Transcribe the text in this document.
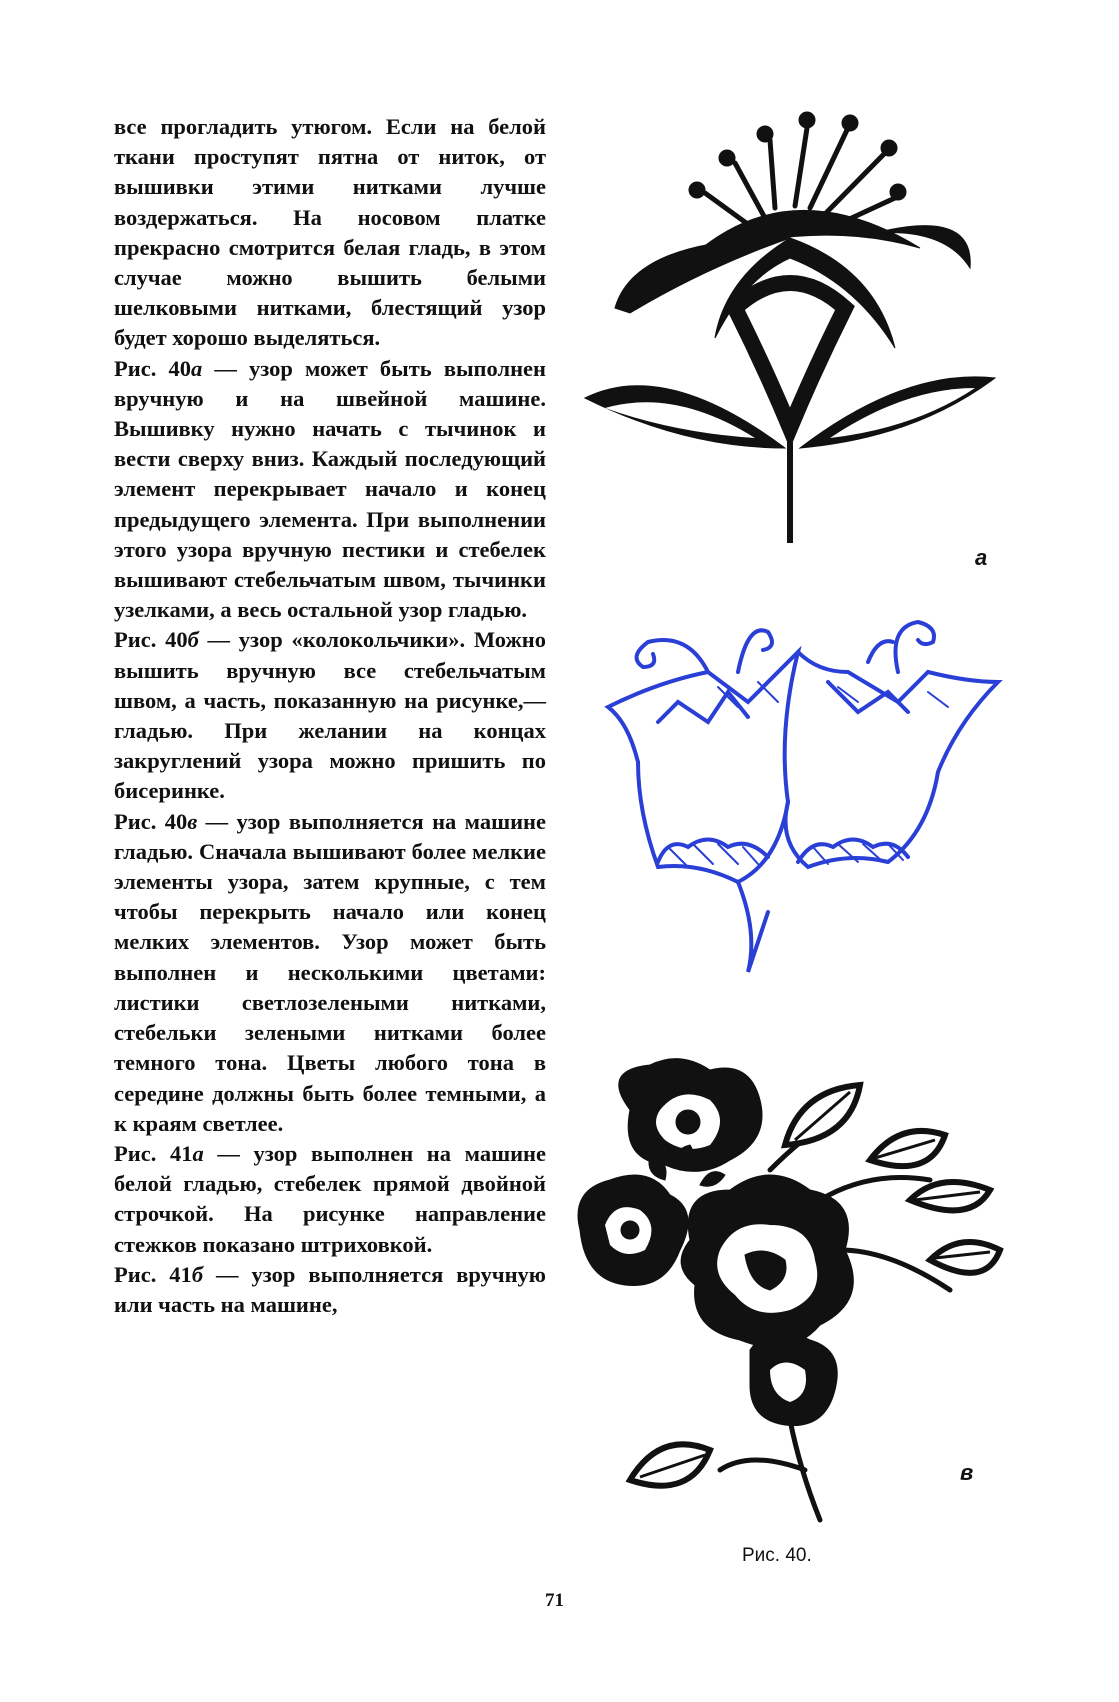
все прогладить утюгом. Если на белой ткани проступят пятна от ниток, от вышивки этими нитками лучше воздержаться. На носовом платке прекрасно смотрится белая гладь, в этом случае можно вышить белыми шелковыми нитками, блестящий узор будет хорошо выделяться.

Рис. 40а — узор может быть выполнен вручную и на швейной машине. Вышивку нужно начать с тычинок и вести сверху вниз. Каждый последующий элемент перекрывает начало и конец предыдущего элемента. При выполнении этого узора вручную пестики и стебелек вышивают стебельчатым швом, тычинки узелками, а весь остальной узор гладью.

Рис. 40б — узор «колокольчики». Можно вышить вручную все стебельчатым швом, а часть, показанную на рисунке,— гладью. При желании на концах закруглений узора можно пришить по бисеринке.

Рис. 40в — узор выполняется на машине гладью. Сначала вышивают более мелкие элементы узора, затем крупные, с тем чтобы перекрыть начало или конец мелких элементов. Узор может быть выполнен и несколькими цветами: листики светлозелеными нитками, стебельки зелеными нитками более темного тона. Цветы любого тона в середине должны быть более темными, а к краям светлее.

Рис. 41а — узор выполнен на машине белой гладью, стебелек прямой двойной строчкой. На рисунке направление стежков показано штриховкой.

Рис. 41б — узор выполняется вручную или часть на машине,

а
в
Рис. 40.
71
